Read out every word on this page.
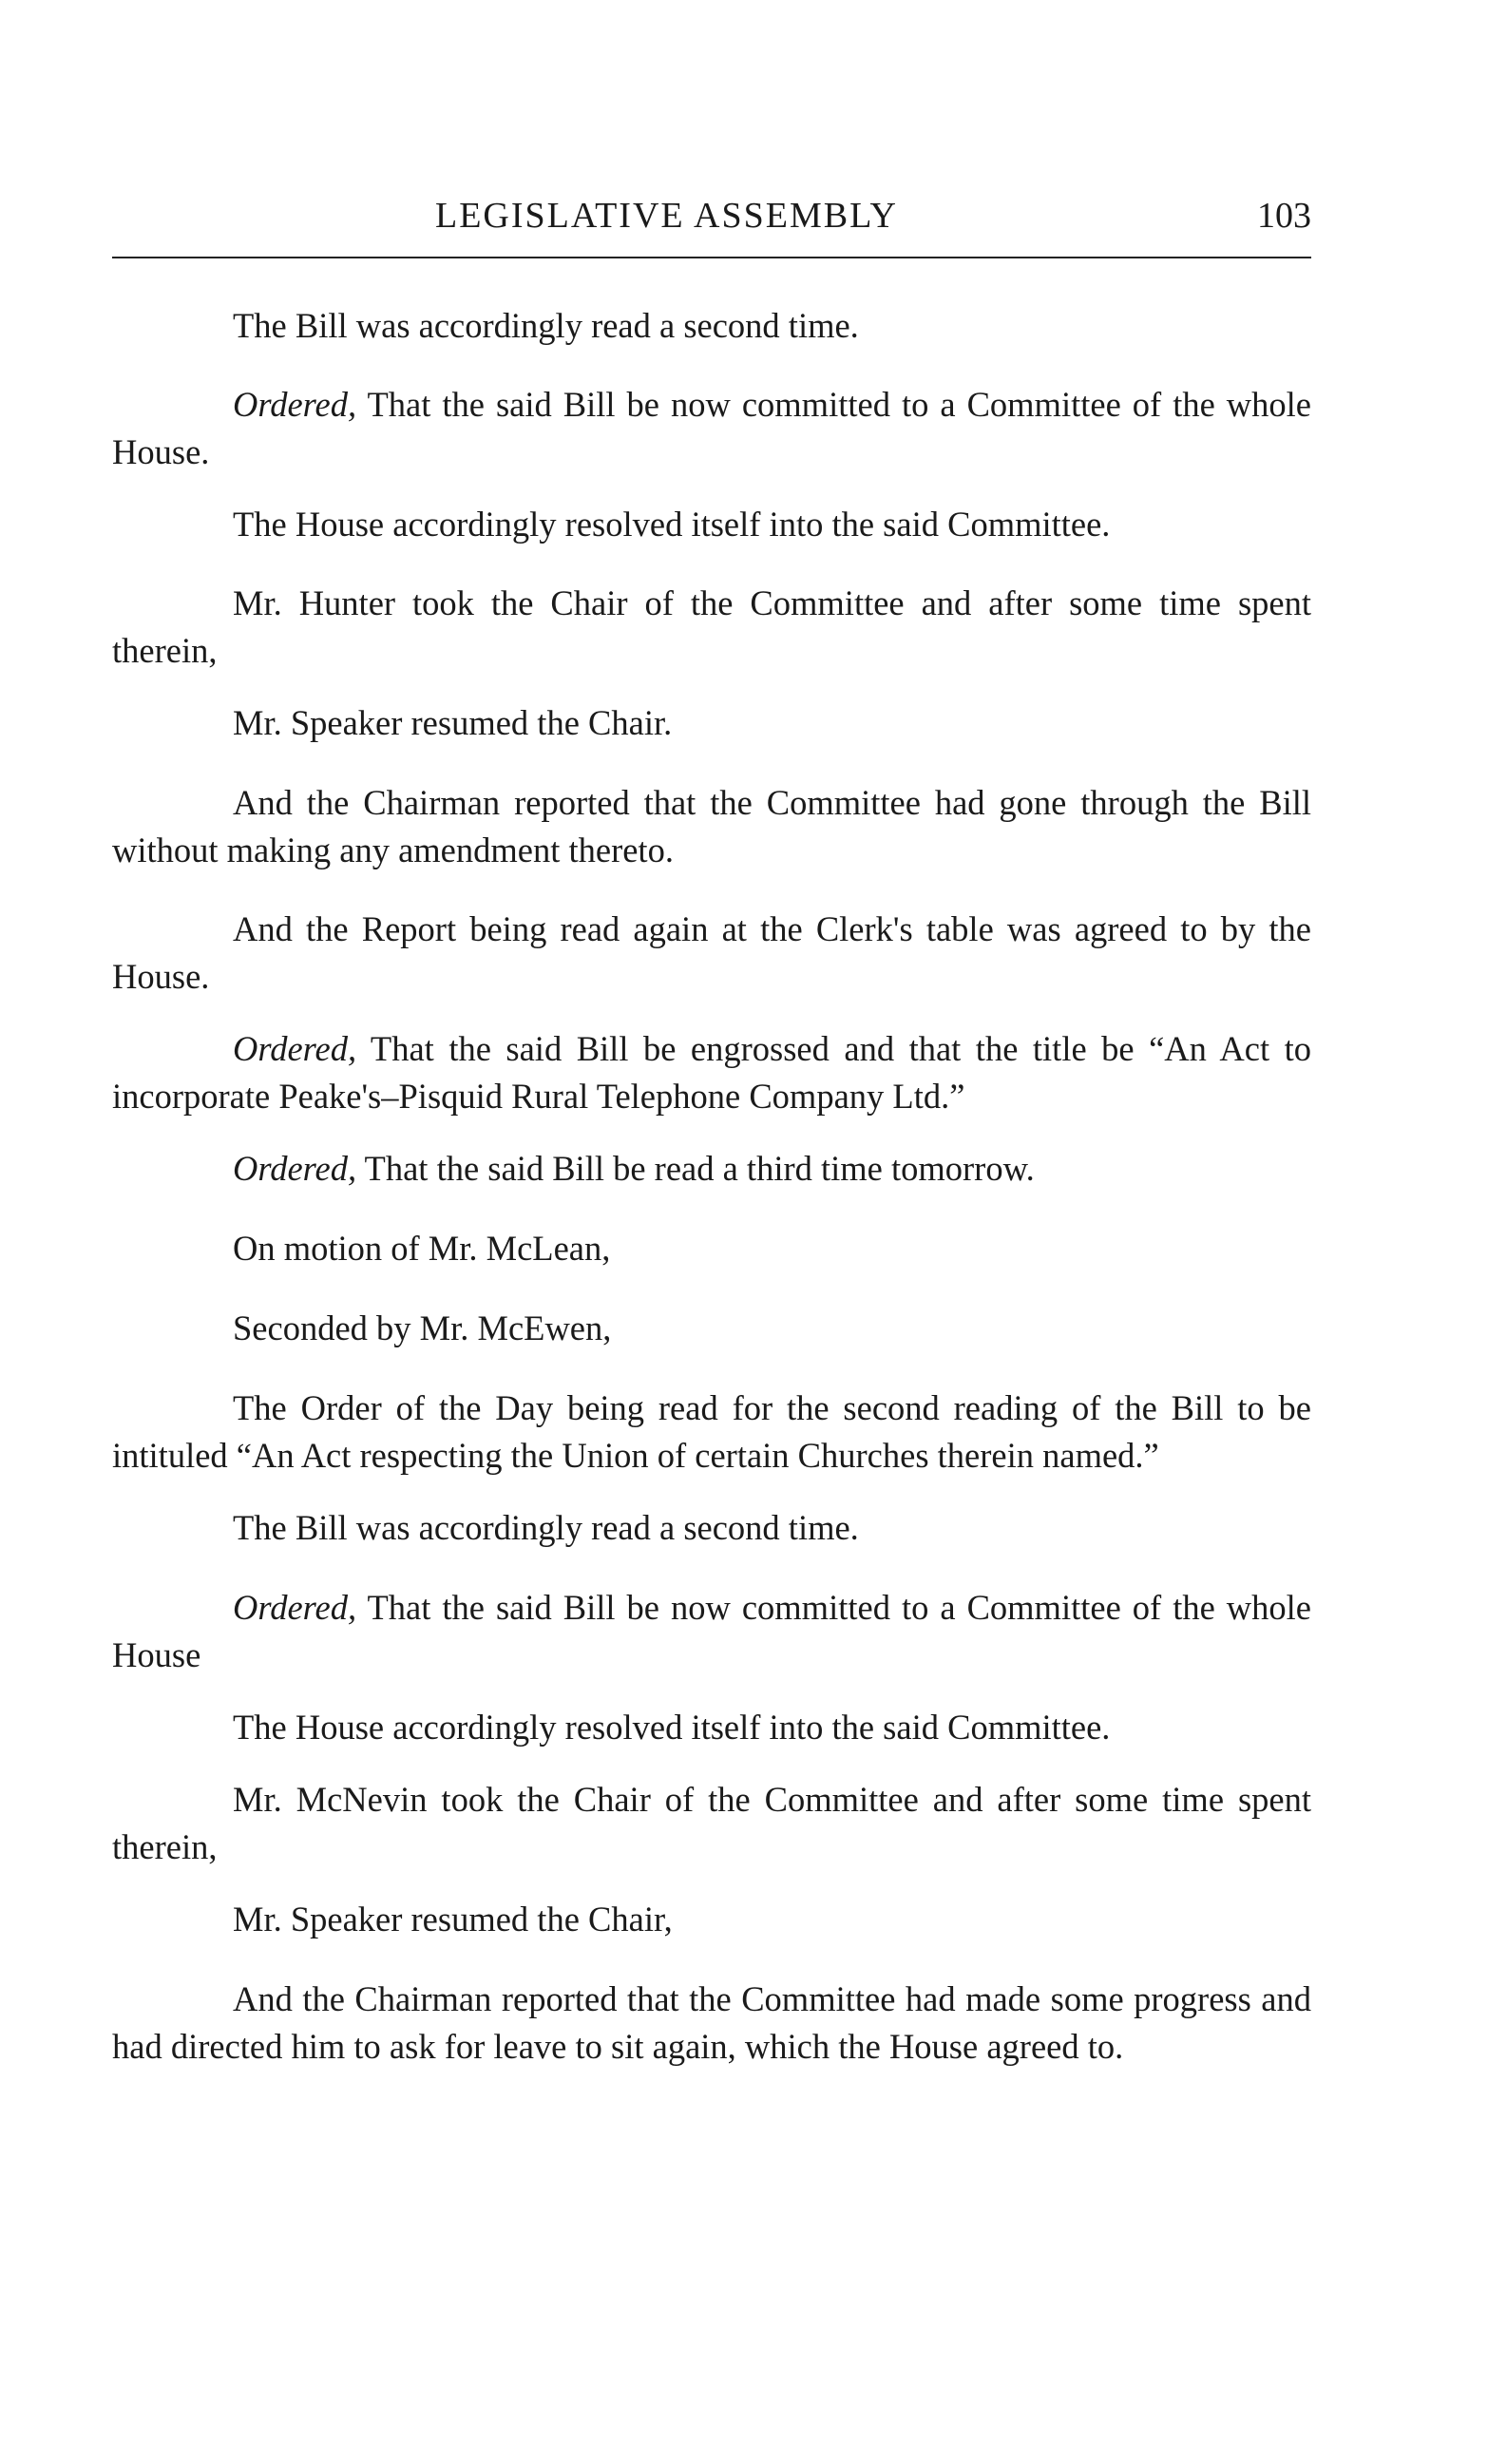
LEGISLATIVE ASSEMBLY	103

The Bill was accordingly read a second time.

Ordered, That the said Bill be now committed to a Committee of the whole House.

The House accordingly resolved itself into the said Committee.

Mr. Hunter took the Chair of the Committee and after some time spent therein,

Mr. Speaker resumed the Chair.

And the Chairman reported that the Committee had gone through the Bill without making any amendment thereto.

And the Report being read again at the Clerk's table was agreed to by the House.

Ordered, That the said Bill be engrossed and that the title be “An Act to incorporate Peake's–Pisquid Rural Telephone Company Ltd.”

Ordered, That the said Bill be read a third time tomorrow.

On motion of Mr. McLean,

Seconded by Mr. McEwen,

The Order of the Day being read for the second reading of the Bill to be intituled “An Act respecting the Union of certain Churches therein named.”

The Bill was accordingly read a second time.

Ordered, That the said Bill be now committed to a Committee of the whole House

The House accordingly resolved itself into the said Committee.

Mr. McNevin took the Chair of the Committee and after some time spent therein,

Mr. Speaker resumed the Chair,

And the Chairman reported that the Committee had made some progress and had directed him to ask for leave to sit again, which the House agreed to.
